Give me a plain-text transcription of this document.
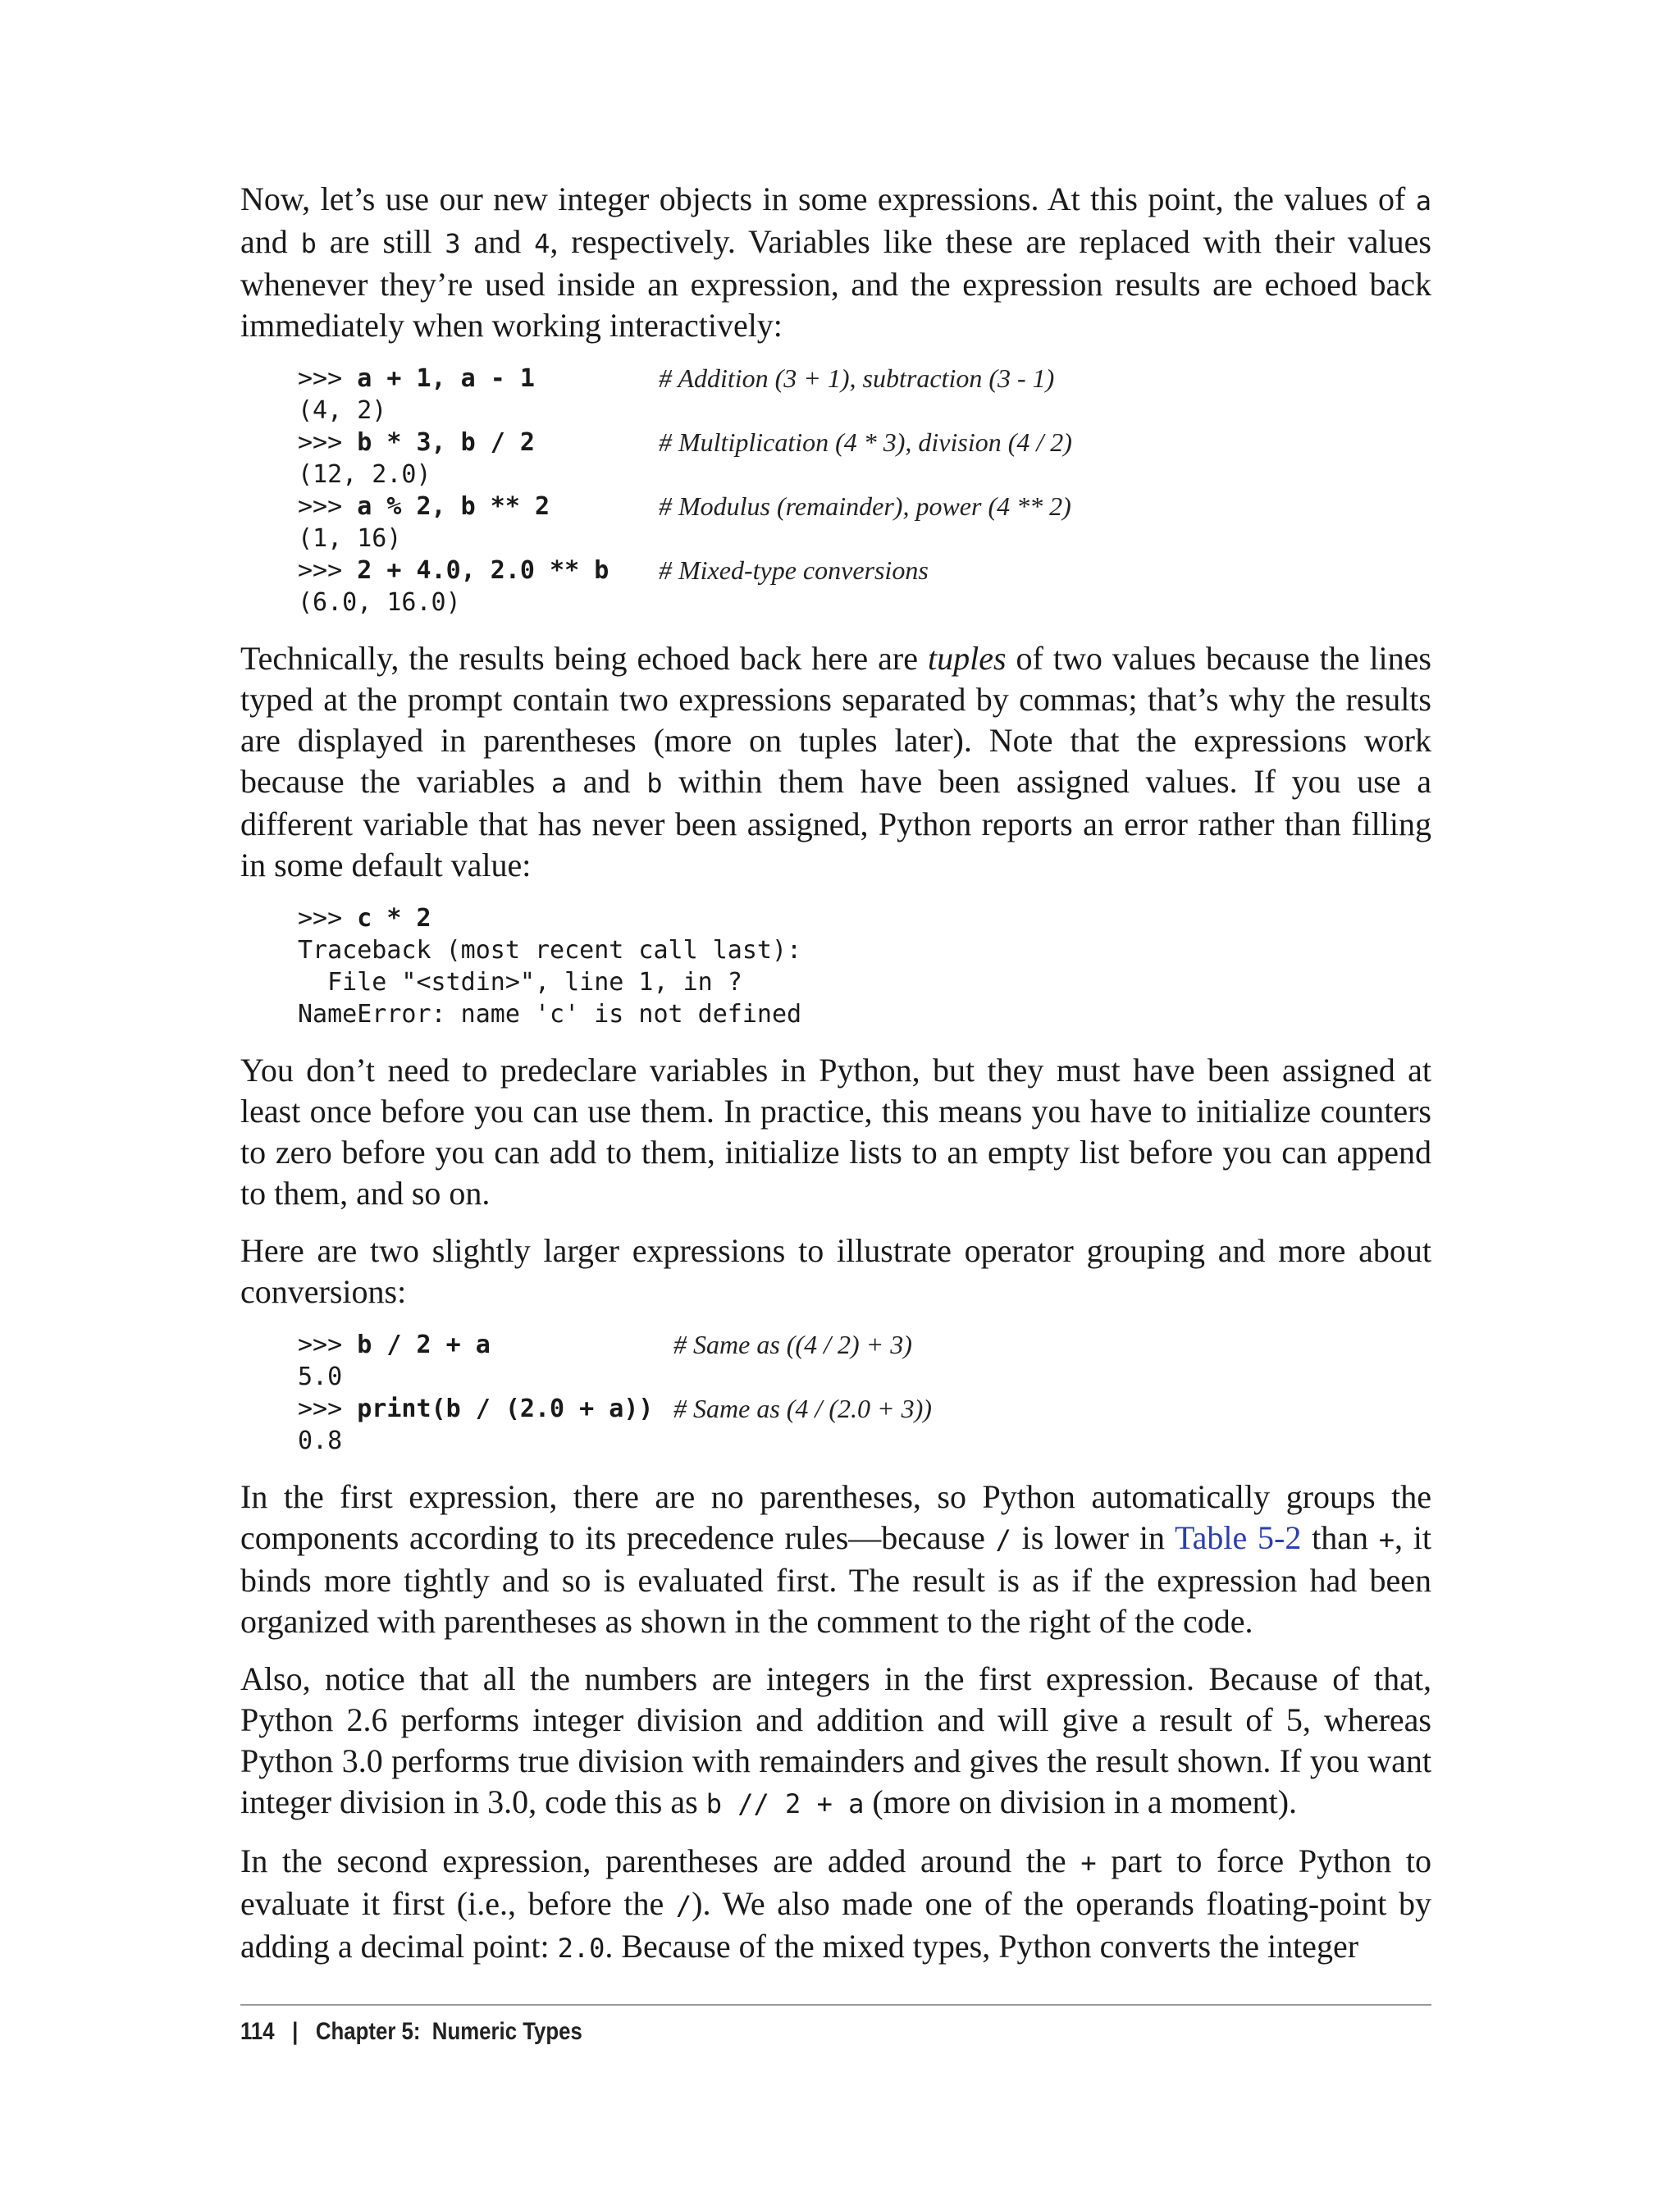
Now, let’s use our new integer objects in some expressions. At this point, the values of a and b are still 3 and 4, respectively. Variables like these are replaced with their values whenever they’re used inside an expression, and the expression results are echoed back immediately when working interactively:

>>> a + 1, a - 1	# Addition (3 + 1), subtraction (3 - 1)
(4, 2)
>>> b * 3, b / 2	# Multiplication (4 * 3), division (4 / 2)
(12, 2.0)
>>> a % 2, b ** 2	# Modulus (remainder), power (4 ** 2)
(1, 16)
>>> 2 + 4.0, 2.0 ** b	# Mixed-type conversions
(6.0, 16.0)

Technically, the results being echoed back here are tuples of two values because the lines typed at the prompt contain two expressions separated by commas; that’s why the results are displayed in parentheses (more on tuples later). Note that the expressions work because the variables a and b within them have been assigned values. If you use a different variable that has never been assigned, Python reports an error rather than filling in some default value:

>>> c * 2
Traceback (most recent call last):
File "<stdin>", line 1, in ?
NameError: name 'c' is not defined

You don’t need to predeclare variables in Python, but they must have been assigned at least once before you can use them. In practice, this means you have to initialize counters to zero before you can add to them, initialize lists to an empty list before you can append to them, and so on.

Here are two slightly larger expressions to illustrate operator grouping and more about conversions:

>>> b / 2 + a	# Same as ((4 / 2) + 3)
5.0
>>> print(b / (2.0 + a)) # Same as (4 / (2.0 + 3))
0.8

In the first expression, there are no parentheses, so Python automatically groups the components according to its precedence rules—because / is lower in Table 5-2 than +, it binds more tightly and so is evaluated first. The result is as if the expression had been organized with parentheses as shown in the comment to the right of the code.

Also, notice that all the numbers are integers in the first expression. Because of that, Python 2.6 performs integer division and addition and will give a result of 5, whereas Python 3.0 performs true division with remainders and gives the result shown. If you want integer division in 3.0, code this as b // 2 + a (more on division in a moment).

In the second expression, parentheses are added around the + part to force Python to evaluate it first (i.e., before the /). We also made one of the operands floating-point by adding a decimal point: 2.0. Because of the mixed types, Python converts the integer

114 | Chapter 5:  Numeric Types
